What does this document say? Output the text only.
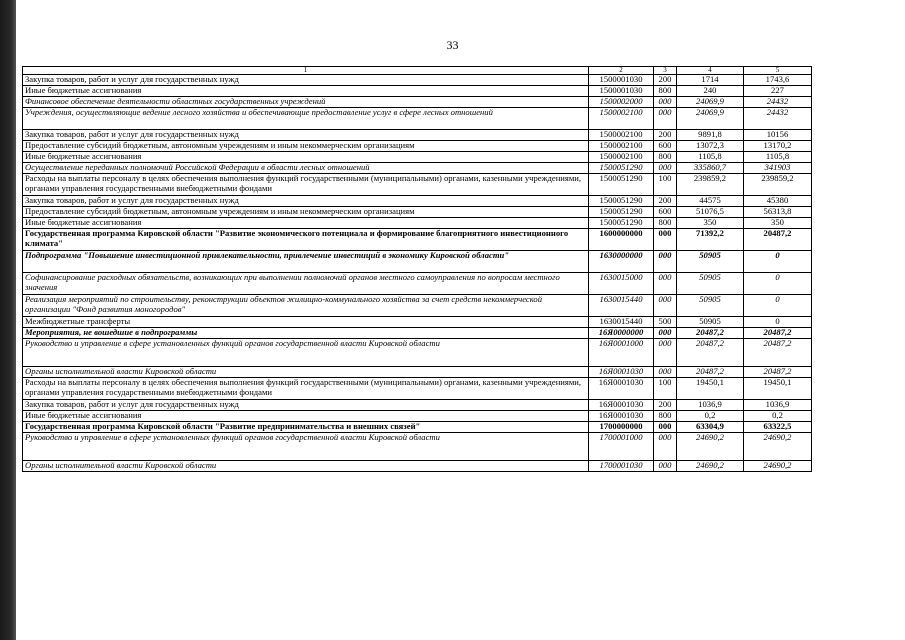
33
1	2	3	4	5
Закупка товаров, работ и услуг для государственных нужд	1500001030	200	1714	1743,6
Иные бюджетные ассигнования	1500001030	800	240	227
Финансовое обеспечение деятельности областных государственных учреждений	1500002000	000	24069,9	24432
Учреждения, осуществляющие ведение лесного хозяйства и обеспечивающие предоставление услуг в сфере лесных отношений	1500002100	000	24069,9	24432
Закупка товаров, работ и услуг для государственных нужд	1500002100	200	9891,8	10156
Предоставление субсидий бюджетным, автономным учреждениям и иным некоммерческим организациям	1500002100	600	13072,3	13170,2
Иные бюджетные ассигнования	1500002100	800	1105,8	1105,8
Осуществление переданных полномочий Российской Федерации в области лесных отношений	1500051290	000	335860,7	341903
Расходы на выплаты персоналу в целях обеспечения выполнения функций государственными (муниципальными) органами, казенными учреждениями, органами управления государственными внебюджетными фондами	1500051290	100	239859,2	239859,2
Закупка товаров, работ и услуг для государственных нужд	1500051290	200	44575	45380
Предоставление субсидий бюджетным, автономным учреждениям и иным некоммерческим организациям	1500051290	600	51076,5	56313,8
Иные бюджетные ассигнования	1500051290	800	350	350
Государственная программа Кировской области "Развитие экономического потенциала и формирование благоприятного инвестиционного климата"	1600000000	000	71392,2	20487,2
Подпрограмма "Повышение инвестиционной привлекательности, привлечение инвестиций в экономику Кировской области"	1630000000	000	50905	0
Софинансирование расходных обязательств, возникающих при выполнении полномочий органов местного самоуправления по вопросам местного значения	1630015000	000	50905	0
Реализация мероприятий по строительству, реконструкции объектов жилищно-коммунального хозяйства за счет средств некоммерческой организации "Фонд развития моногородов"	1630015440	000	50905	0
Межбюджетные трансферты	1630015440	500	50905	0
Мероприятия, не вошедшие в подпрограммы	16Я0000000	000	20487,2	20487,2
Руководство и управление в сфере установленных функций органов государственной власти Кировской области	16Я0001000	000	20487,2	20487,2
Органы исполнительной власти Кировской области	16Я0001030	000	20487,2	20487,2
Расходы на выплаты персоналу в целях обеспечения выполнения функций государственными (муниципальными) органами, казенными учреждениями, органами управления государственными внебюджетными фондами	16Я0001030	100	19450,1	19450,1
Закупка товаров, работ и услуг для государственных нужд	16Я0001030	200	1036,9	1036,9
Иные бюджетные ассигнования	16Я0001030	800	0,2	0,2
Государственная программа Кировской области "Развитие предпринимательства и внешних связей"	1700000000	000	63304,9	63322,5
Руководство и управление в сфере установленных функций органов государственной власти Кировской области	1700001000	000	24690,2	24690,2
Органы исполнительной власти Кировской области	1700001030	000	24690,2	24690,2
